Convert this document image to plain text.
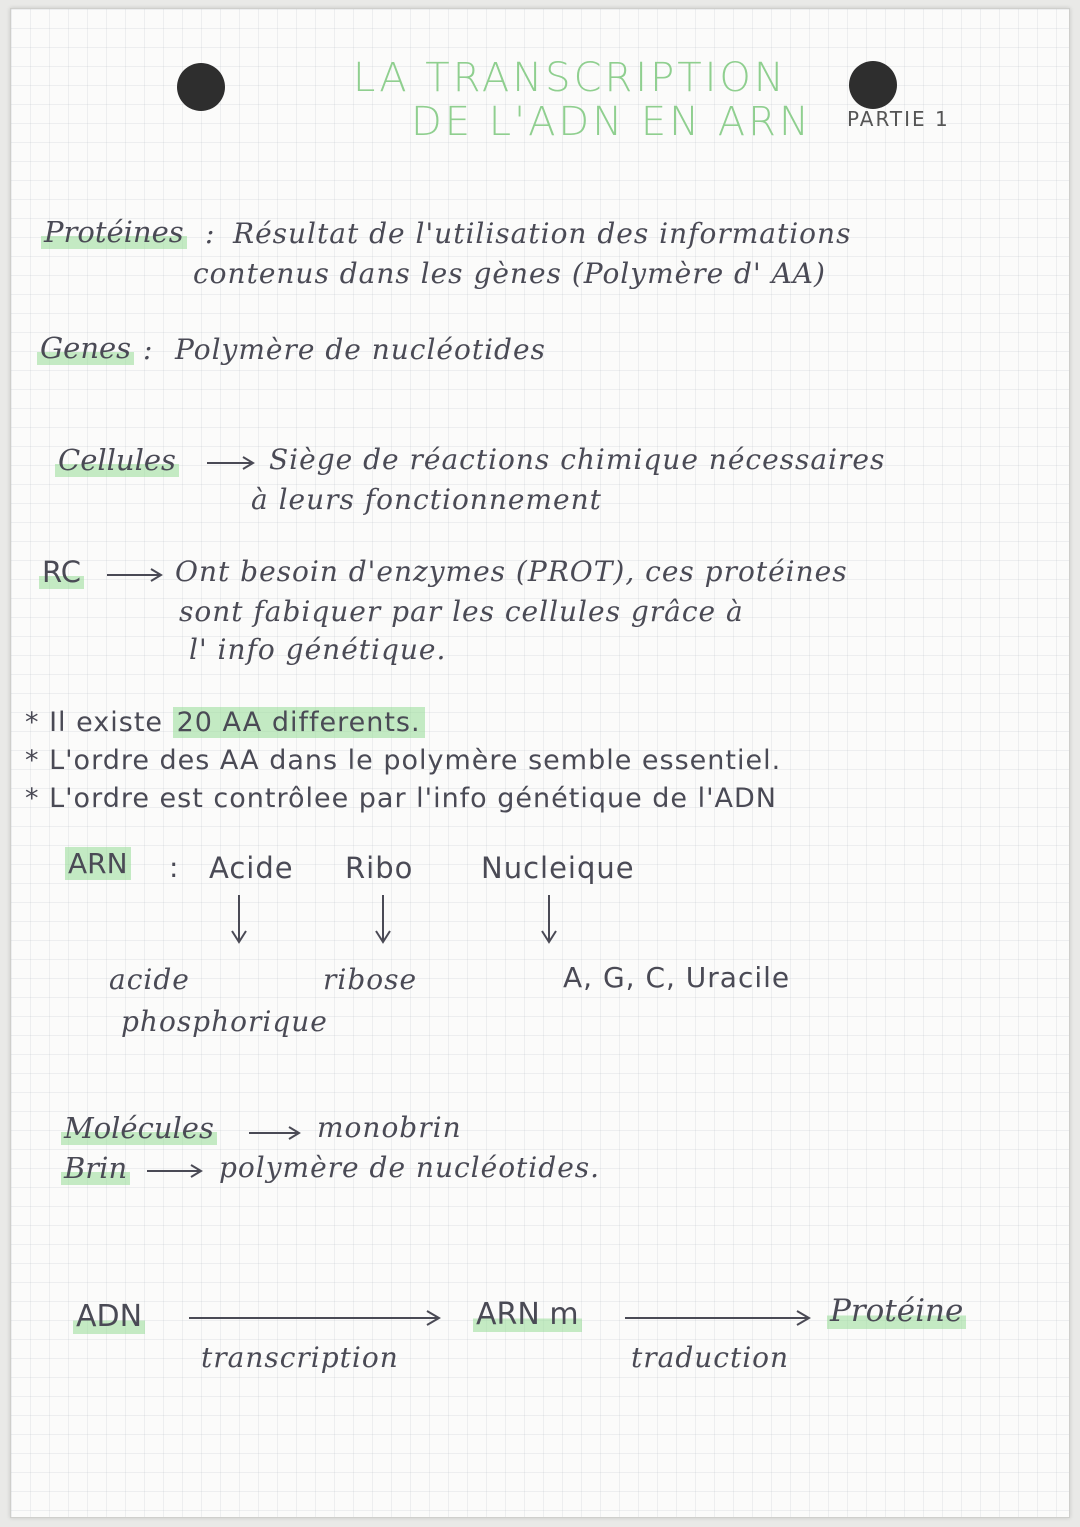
LA TRANSCRIPTION
DE L'ADN EN ARN PARTIE 1
Protéines : Résultat de l'utilisation des informations
contenus dans les gènes (Polymère d' AA)
Genes : Polymère de nucléotides
Cellules	Siège de réactions chimique nécessaires
à leurs fonctionnement
RC	Ont besoin d'enzymes (PROT), ces protéines
sont fabiquer par les cellules grâce à
l' info génétique.
* Il existe 20 AA differents.
* L'ordre des AA dans le polymère semble essentiel.
* L'ordre est contrôlee par l'info génétique de l'ADN
ARN : Acide Ribo Nucleique
acide
phosphorique
ribose	A, G, C, Uracile
Molécules	monobrin
Brin	polymère de nucléotides.
ADN
transcription
ARN m
traduction
Protéine
